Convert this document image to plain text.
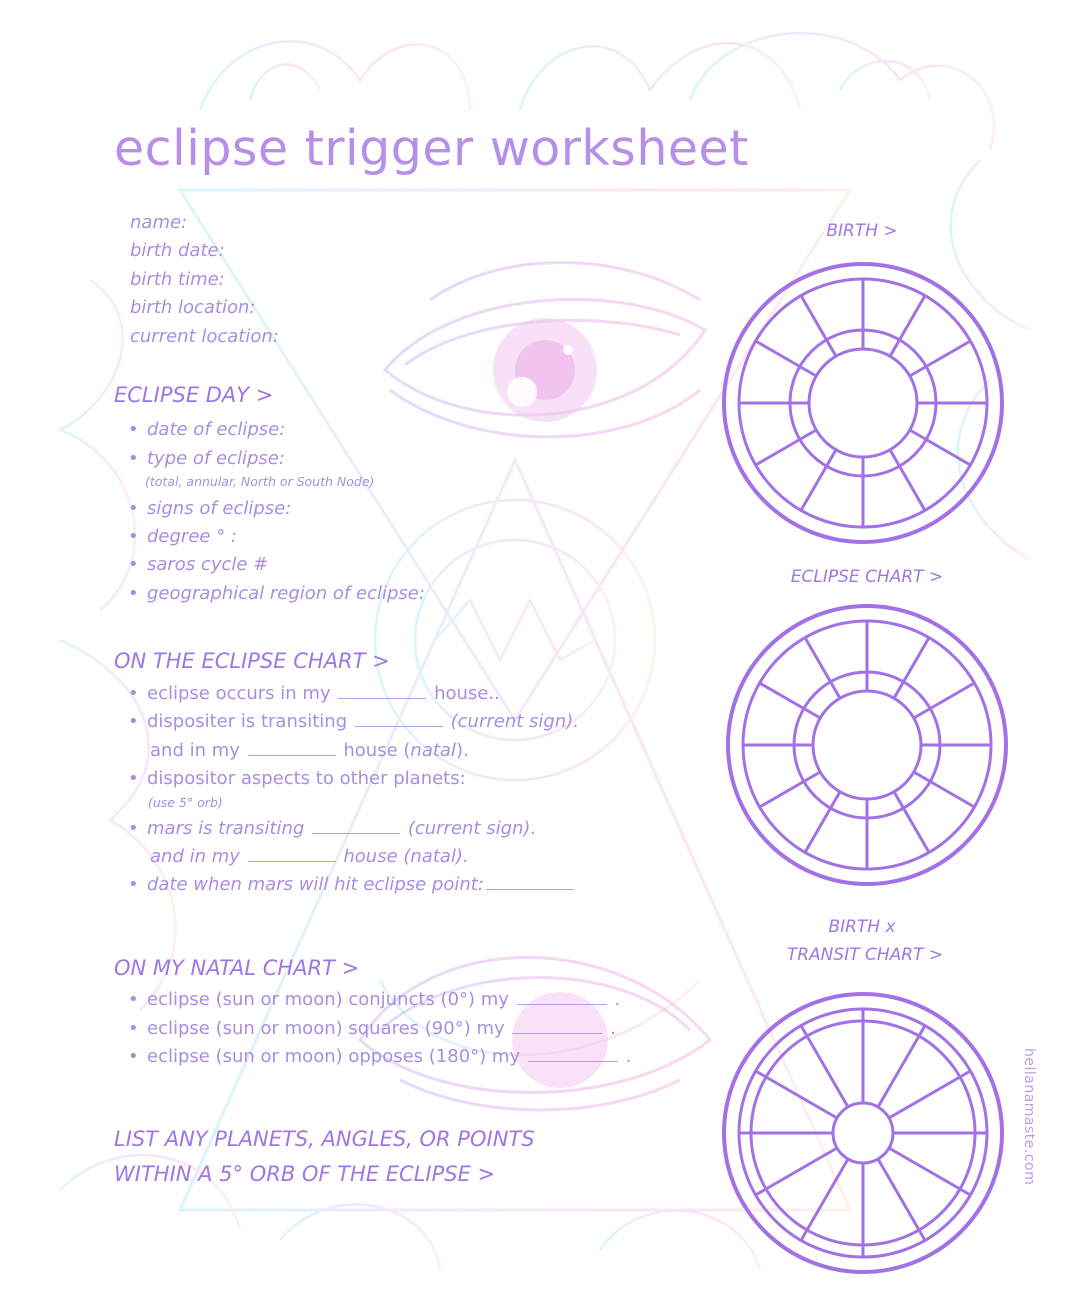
eclipse trigger worksheet
name:
birth date:
birth time:
birth location:
current location:
ECLIPSE DAY >
• date of eclipse:
• type of eclipse:
(total, annular, North or South Node)
• signs of eclipse:
• degree ° :
• saros cycle #
• geographical region of eclipse:
ON THE ECLIPSE CHART >
• eclipse occurs in my	house..
• dispositer is transiting	(current sign).
and in my	house (natal).
• dispositor aspects to other planets:
(use 5° orb)
• mars is transiting	(current sign).
and in my	house (natal).
• date when mars will hit eclipse point:
ON MY NATAL CHART >
• eclipse (sun or moon) conjuncts (0°) my	.
• eclipse (sun or moon) squares (90°) my	.
• eclipse (sun or moon) opposes (180°) my	.
LIST ANY PLANETS, ANGLES, OR POINTS
WITHIN A 5° ORB OF THE ECLIPSE >
BIRTH >
ECLIPSE CHART >
BIRTH x
TRANSIT CHART >
hellanamaste.com
